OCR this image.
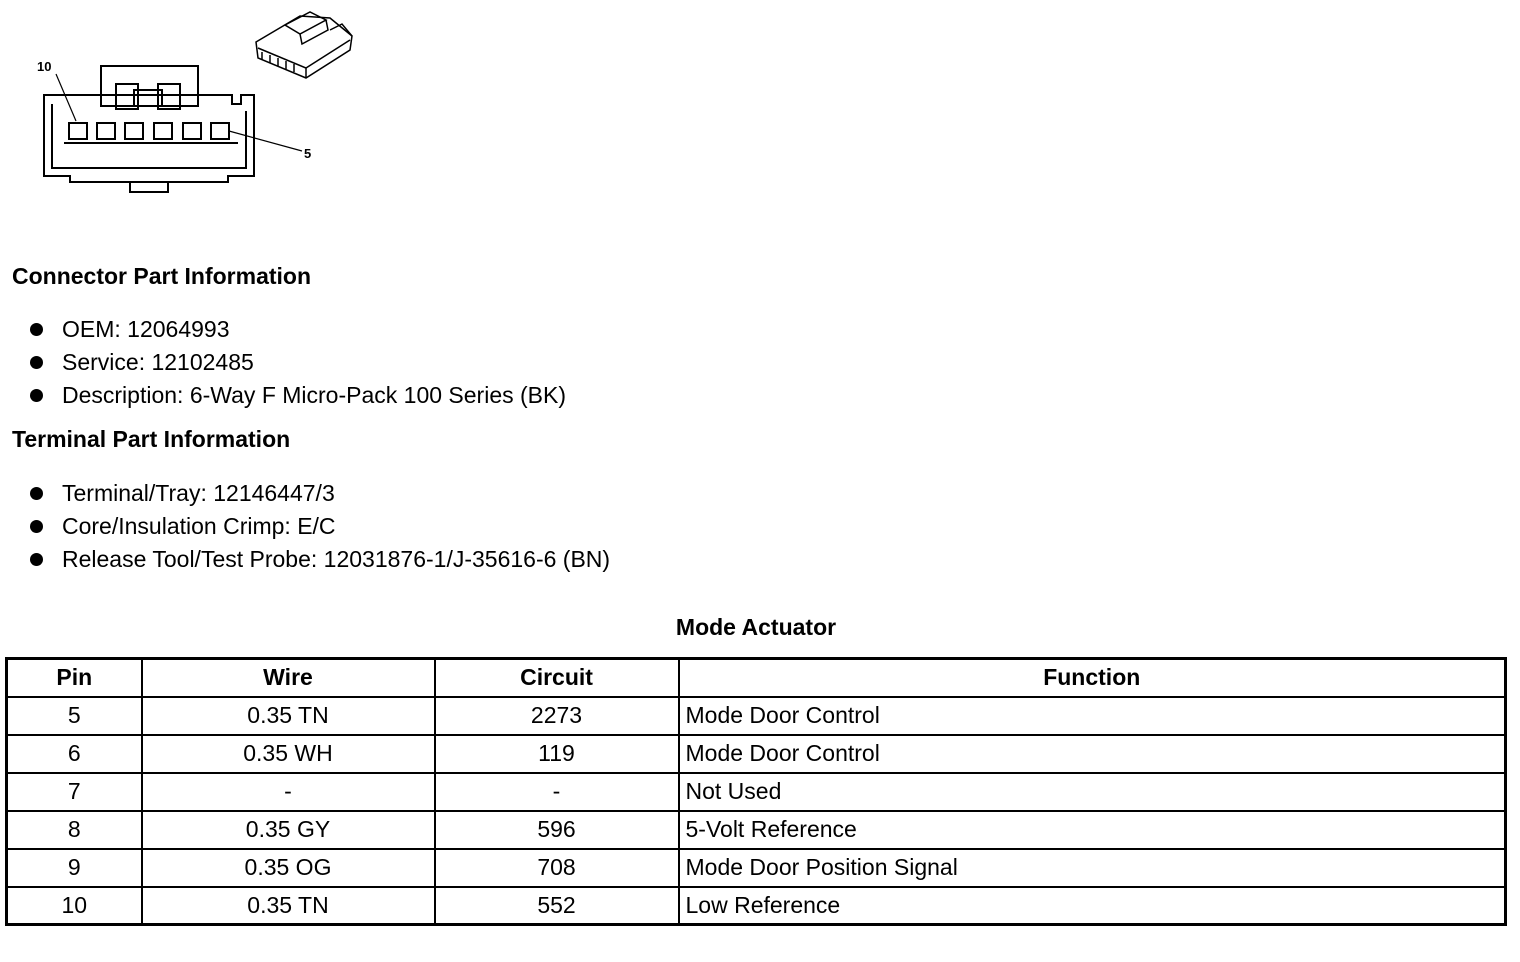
10
5
Connector Part Information
OEM: 12064993
Service: 12102485
Description: 6-Way F Micro-Pack 100 Series (BK)
Terminal Part Information
Terminal/Tray: 12146447/3
Core/Insulation Crimp: E/C
Release Tool/Test Probe: 12031876-1/J-35616-6 (BN)
Mode Actuator
Pin	Wire	Circuit	Function
5	0.35 TN	2273	Mode Door Control
6	0.35 WH	119	Mode Door Control
7	-	-	Not Used
8	0.35 GY	596	5-Volt Reference
9	0.35 OG	708	Mode Door Position Signal
10	0.35 TN	552	Low Reference
